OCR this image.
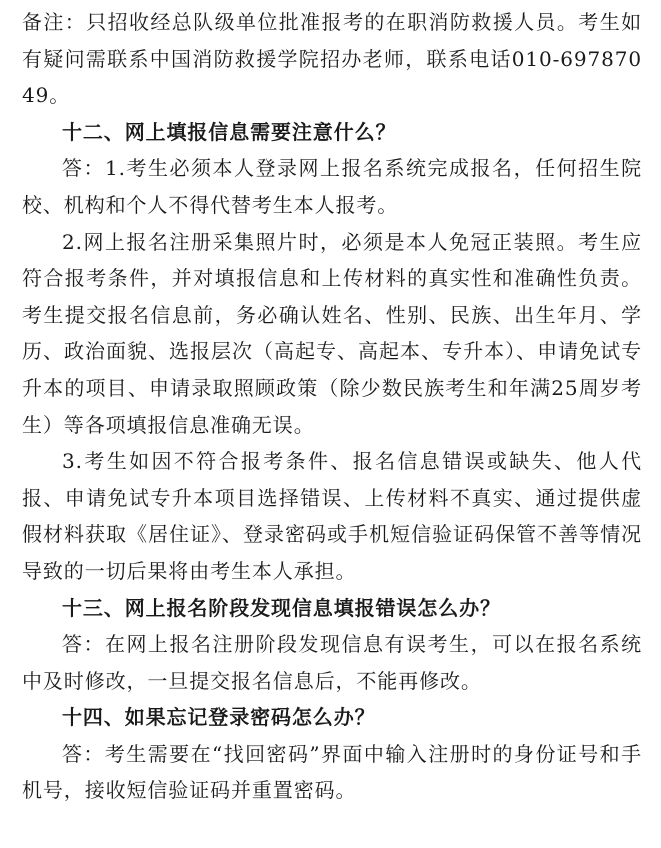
备注：只招收经总队级单位批准报考的在职消防救援人员。考生如有疑问需联系中国消防救援学院招办老师，联系电话010-69787049。

十二、网上填报信息需要注意什么？

答：1.考生必须本人登录网上报名系统完成报名，任何招生院校、机构和个人不得代替考生本人报考。

2.网上报名注册采集照片时，必须是本人免冠正装照。考生应符合报考条件，并对填报信息和上传材料的真实性和准确性负责。考生提交报名信息前，务必确认姓名、性别、民族、出生年月、学历、政治面貌、选报层次（高起专、高起本、专升本）、申请免试专升本的项目、申请录取照顾政策（除少数民族考生和年满25周岁考生）等各项填报信息准确无误。

3.考生如因不符合报考条件、报名信息错误或缺失、他人代报、申请免试专升本项目选择错误、上传材料不真实、通过提供虚假材料获取《居住证》、登录密码或手机短信验证码保管不善等情况导致的一切后果将由考生本人承担。

十三、网上报名阶段发现信息填报错误怎么办？

答：在网上报名注册阶段发现信息有误考生，可以在报名系统中及时修改，一旦提交报名信息后，不能再修改。

十四、如果忘记登录密码怎么办？

答：考生需要在“找回密码”界面中输入注册时的身份证号和手机号，接收短信验证码并重置密码。
